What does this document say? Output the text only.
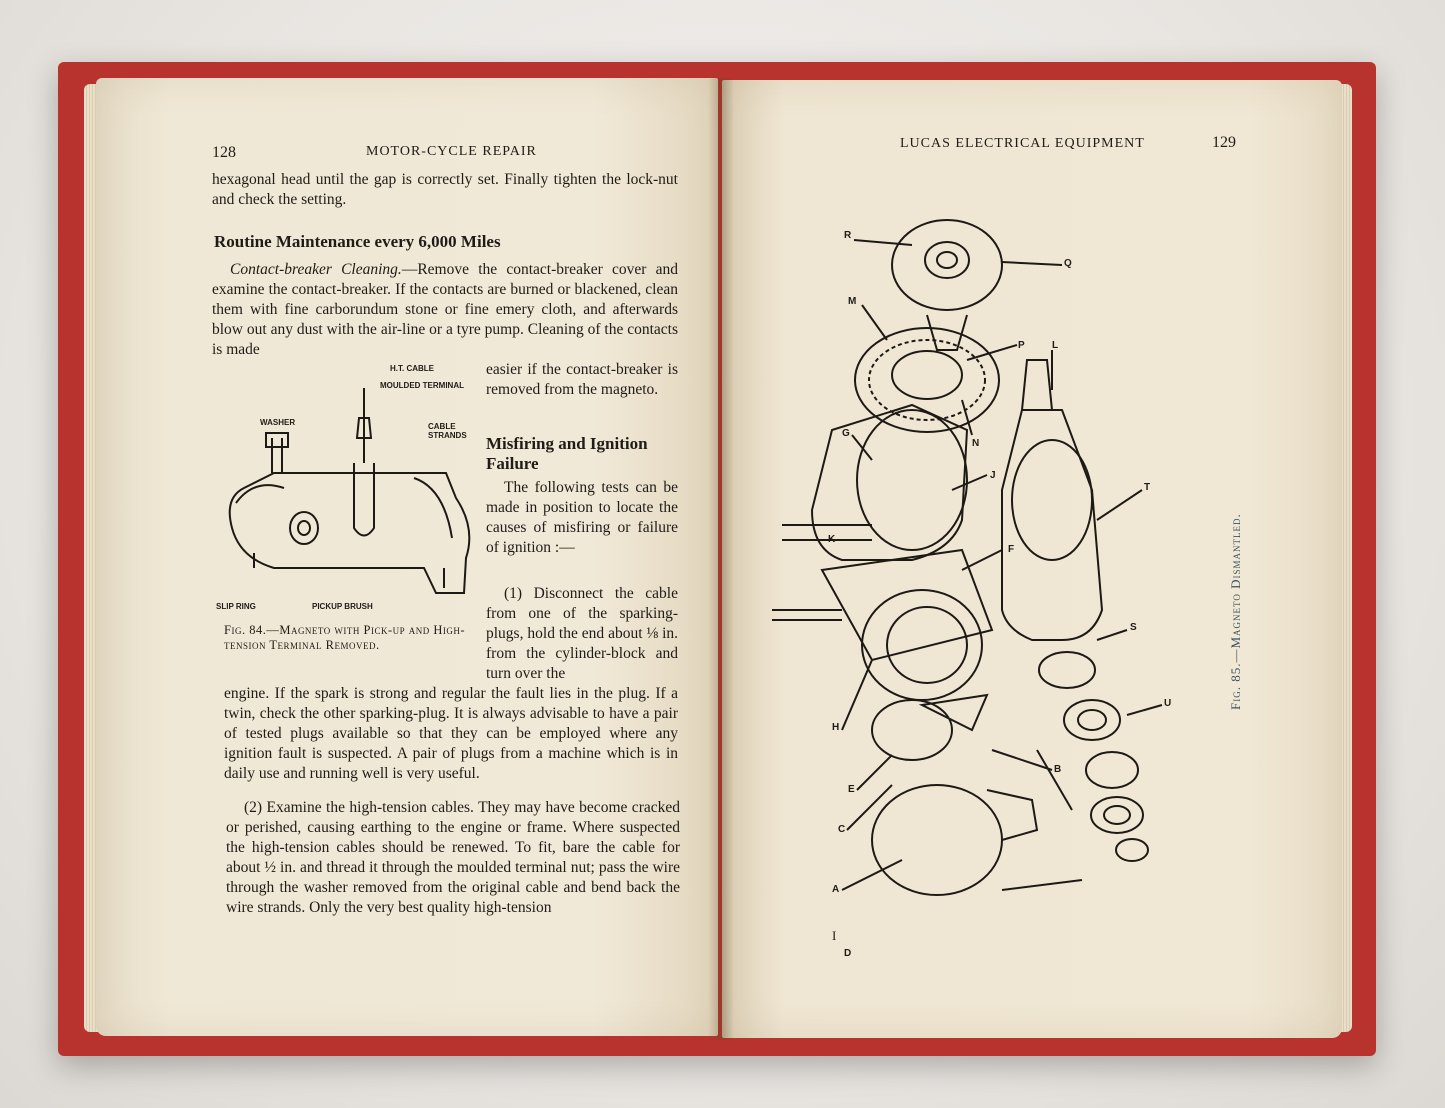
128	MOTOR-CYCLE REPAIR

hexagonal head until the gap is correctly set. Finally tighten the lock-nut and check the setting.

Routine Maintenance every 6,000 Miles

Contact-breaker Cleaning.—Remove the contact-breaker cover and examine the contact-breaker. If the contacts are burned or blackened, clean them with fine carborundum stone or fine emery cloth, and afterwards blow out any dust with the air-line or a tyre pump. Cleaning of the contacts is made

easier if the contact-breaker is removed from the magneto.

H.T. CABLE
MOULDED TERMINAL
WASHER	CABLE STRANDS
SLIP RING	PICKUP BRUSH
Fig. 84.—Magneto with Pick-up and High-tension Terminal Removed.
Misfiring and Ignition Failure

The following tests can be made in position to locate the causes of misfiring or failure of ignition :—

(1) Disconnect the cable from one of the sparking-plugs, hold the end about ⅛ in. from the cylinder-block and turn over the

engine. If the spark is strong and regular the fault lies in the plug. If a twin, check the other sparking-plug. It is always advisable to have a pair of tested plugs available so that they can be employed where any ignition fault is suspected. A pair of plugs from a machine which is in daily use and running well is very useful.

(2) Examine the high-tension cables. They may have become cracked or perished, causing earthing to the engine or frame. Where suspected the high-tension cables should be renewed. To fit, bare the cable for about ½ in. and thread it through the moulded terminal nut; pass the wire through the washer removed from the original cable and bend back the wire strands. Only the very best quality high-tension

LUCAS ELECTRICAL EQUIPMENT	129
R
Q
M
P
N
L
G
J
T
K
F
S
U
H
B
E
C
A
D
Fig. 85.—Magneto Dismantled.
I
